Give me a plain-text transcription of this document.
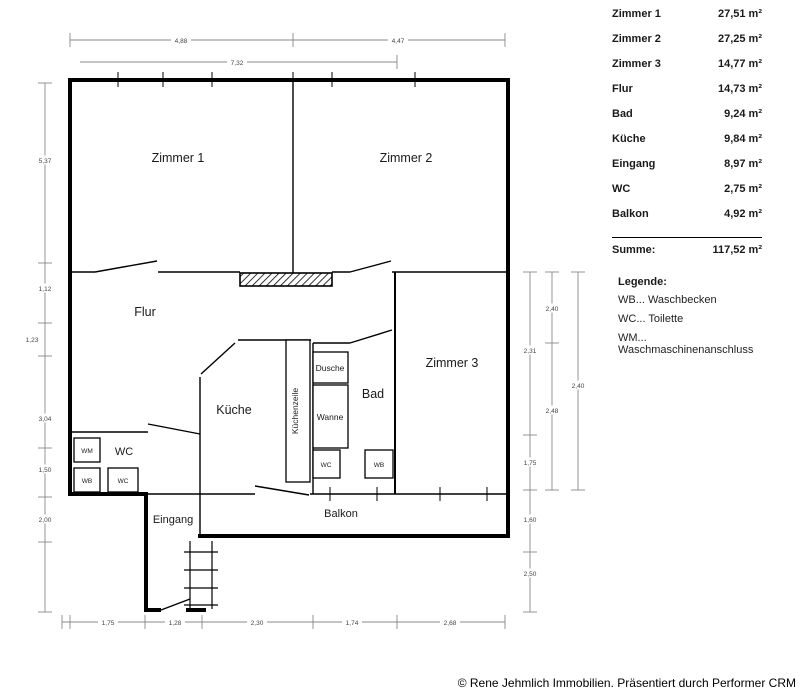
4,88	4,47
7,32
5,37
1,12
1,23
3,04
1,50
2,00
2,31
1,75
1,60
2,50
2,40
2,48
2,40
1,75	1,28	2,30	1,74	2,68
Zimmer 1	Zimmer 2
Flur
Zimmer 3
Küche
Bad
WC
Eingang	Balkon
Dusche
Wanne
WC	WB
WM
WB	WC
Küchenzeile
Zimmer 1	27,51 m²
Zimmer 2	27,25 m²
Zimmer 3	14,77 m²
Flur	14,73 m²
Bad	9,24 m²
Küche	9,84 m²
Eingang	8,97 m²
WC	2,75 m²
Balkon	4,92 m²
Summe:	117,52 m²
Legende:
WB... Waschbecken
WC... Toilette
WM... Waschmaschinenanschluss
© Rene Jehmlich Immobilien. Präsentiert durch Performer CRM
